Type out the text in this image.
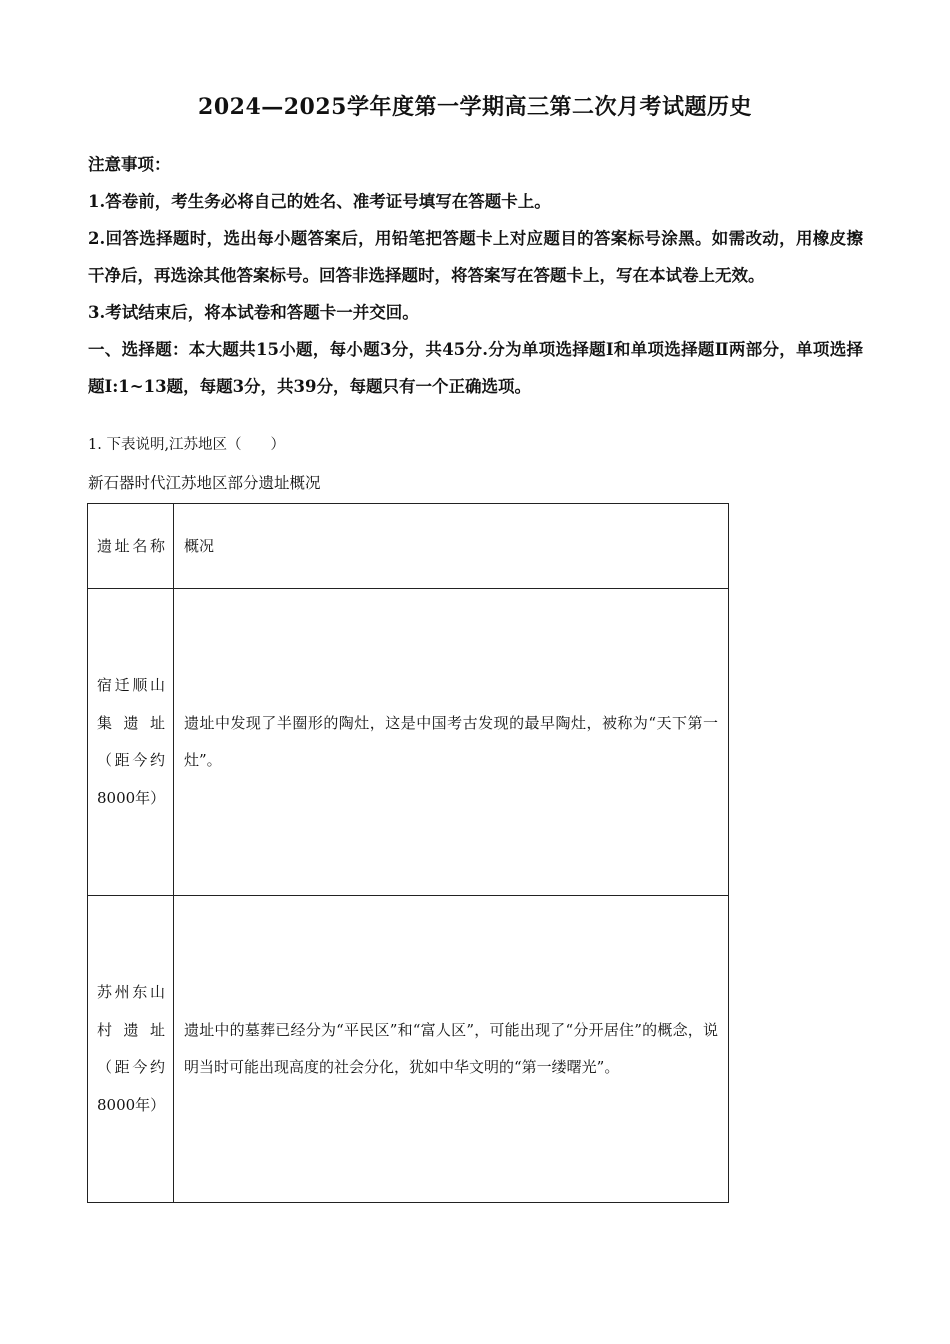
2024—2025学年度第一学期高三第二次月考试题历史

注意事项：

1.答卷前，考生务必将自己的姓名、准考证号填写在答题卡上。

2.回答选择题时，选出每小题答案后，用铅笔把答题卡上对应题目的答案标号涂黑。如需改动，用橡皮擦干净后，再选涂其他答案标号。回答非选择题时，将答案写在答题卡上，写在本试卷上无效。

3.考试结束后，将本试卷和答题卡一并交回。

一、选择题：本大题共15小题，每小题3分，共45分.分为单项选择题Ⅰ和单项选择题Ⅱ两部分，单项选择题Ⅰ:1~13题，每题3分，共39分，每题只有一个正确选项。

1. 下表说明,江苏地区（　　）
新石器时代江苏地区部分遗址概况
遗址名称	概况
宿迁顺山集遗址（距今约8000年）	遗址中发现了半圈形的陶灶，这是中国考古发现的最早陶灶，被称为“天下第一灶”。
苏州东山村遗址（距今约8000年）	遗址中的墓葬已经分为“平民区”和“富人区”，可能出现了“分开居住”的概念，说明当时可能出现高度的社会分化，犹如中华文明的“第一缕曙光”。
